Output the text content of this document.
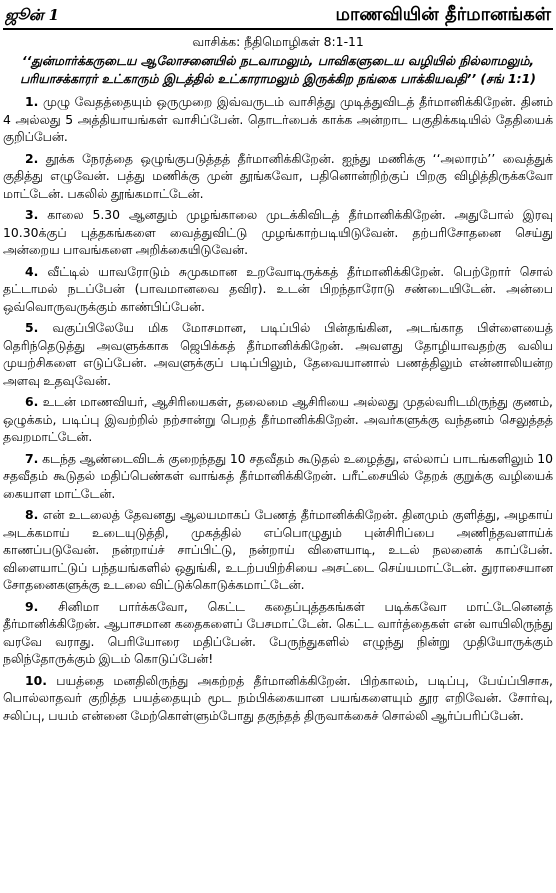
ஜூன் 1	மாணவியின் தீர்மானங்கள்
வாசிக்க: நீதிமொழிகள் 8:1-11
‘‘துன்மார்க்கருடைய ஆலோசனையில் நடவாமலும், பாவிகளுடைய வழியில் நில்லாமலும், பரியாசக்காரர் உட்காரும் இடத்தில் உட்காராமலும் இருக்கிற நங்கை பாக்கியவதி’’ (சங் 1:1)

1. முழு வேதத்தையும் ஒருமுறை இவ்வருடம் வாசித்து முடித்துவிடத் தீர்மானிக்கிறேன். தினம் 4 அல்லது 5 அத்தியாயங்கள் வாசிப்பேன். தொடர்பைக் காக்க அன்றாட பகுதிக்கடியில் தேதியைக் குறிப்பேன்.

2. தூக்க நேரத்தை ஒழுங்குபடுத்தத் தீர்மானிக்கிறேன். ஐந்து மணிக்கு ‘‘அலாரம்’’ வைத்துக் குதித்து எழுவேன். பத்து மணிக்கு முன் தூங்கவோ, பதினொன்றிற்குப் பிறகு விழித்திருக்கவோ மாட்டேன். பகலில் தூங்கமாட்டேன்.

3. காலை 5.30 ஆனதும் முழங்காலை முடக்கிவிடத் தீர்மானிக்கிறேன். அதுபோல் இரவு 10.30க்குப் புத்தகங்களை வைத்துவிட்டு முழங்காற்படியிடுவேன். தற்பரிசோதனை செய்து அன்றைய பாவங்களை அறிக்கையிடுவேன்.

4. வீட்டில் யாவரோடும் சுமுகமான உறவோடிருக்கத் தீர்மானிக்கிறேன். பெற்றோர் சொல் தட்டாமல் நடப்பேன் (பாவமானவை தவிர). உடன் பிறந்தாரோடு சண்டையிடேன். அன்பை ஒவ்வொருவருக்கும் காண்பிப்பேன்.

5. வகுப்பிலேயே மிக மோசமான, படிப்பில் பின்தங்கின, அடங்காத பிள்ளையைத் தெரிந்தெடுத்து அவளுக்காக ஜெபிக்கத் தீர்மானிக்கிறேன். அவளது தோழியாவதற்கு வலிய முயற்சிகளை எடுப்பேன். அவளுக்குப் படிப்பிலும், தேவையானால் பணத்திலும் என்னாலியன்ற அளவு உதவுவேன்.

6. உடன் மாணவியர், ஆசிரியைகள், தலைமை ஆசிரியை அல்லது முதல்வரிடமிருந்து குணம், ஒழுக்கம், படிப்பு இவற்றில் நற்சான்று பெறத் தீர்மானிக்கிறேன். அவர்களுக்கு வந்தனம் செலுத்தத் தவறமாட்டேன்.

7. கடந்த ஆண்டைவிடக் குறைந்தது 10 சதவீதம் கூடுதல் உழைத்து, எல்லாப் பாடங்களிலும் 10 சதவீதம் கூடுதல் மதிப்பெண்கள் வாங்கத் தீர்மானிக்கிறேன். பரீட்சையில் தேறக் குறுக்கு வழியைக் கையாள மாட்டேன்.

8. என் உடலைத் தேவனது ஆலயமாகப் பேணத் தீர்மானிக்கிறேன். தினமும் குளித்து, அழகாய் அடக்கமாய் உடையுடுத்தி, முகத்தில் எப்பொழுதும் புன்சிரிப்பை அணிந்தவளாய்க் காணப்படுவேன். நன்றாய்ச் சாப்பிட்டு, நன்றாய் விளையாடி, உடல் நலனைக் காப்பேன். விளையாட்டுப் பந்தயங்களில் ஒதுங்கி, உடற்பயிற்சியை அசட்டை செய்யமாட்டேன். துராசையான சோதனைகளுக்கு உடலை விட்டுக்கொடுக்கமாட்டேன்.

9. சினிமா பார்க்கவோ, கெட்ட கதைப்புத்தகங்கள் படிக்கவோ மாட்டேனெனத் தீர்மானிக்கிறேன். ஆபாசமான கதைகளைப் பேசமாட்டேன். கெட்ட வார்த்தைகள் என் வாயிலிருந்து வரவே வராது. பெரியோரை மதிப்பேன். பேருந்துகளில் எழுந்து நின்று முதியோருக்கும் நலிந்தோருக்கும் இடம் கொடுப்பேன்!

10. பயத்தை மனதிலிருந்து அகற்றத் தீர்மானிக்கிறேன். பிற்காலம், படிப்பு, பேய்ப்பிசாசு, பொல்லாதவர் குறித்த பயத்தையும் மூட நம்பிக்கையான பயங்களையும் தூர எறிவேன். சோர்வு, சலிப்பு, பயம் என்னை மேற்கொள்ளும்போது தகுந்தத் திருவாக்கைச் சொல்லி ஆர்ப்பரிப்பேன்.
